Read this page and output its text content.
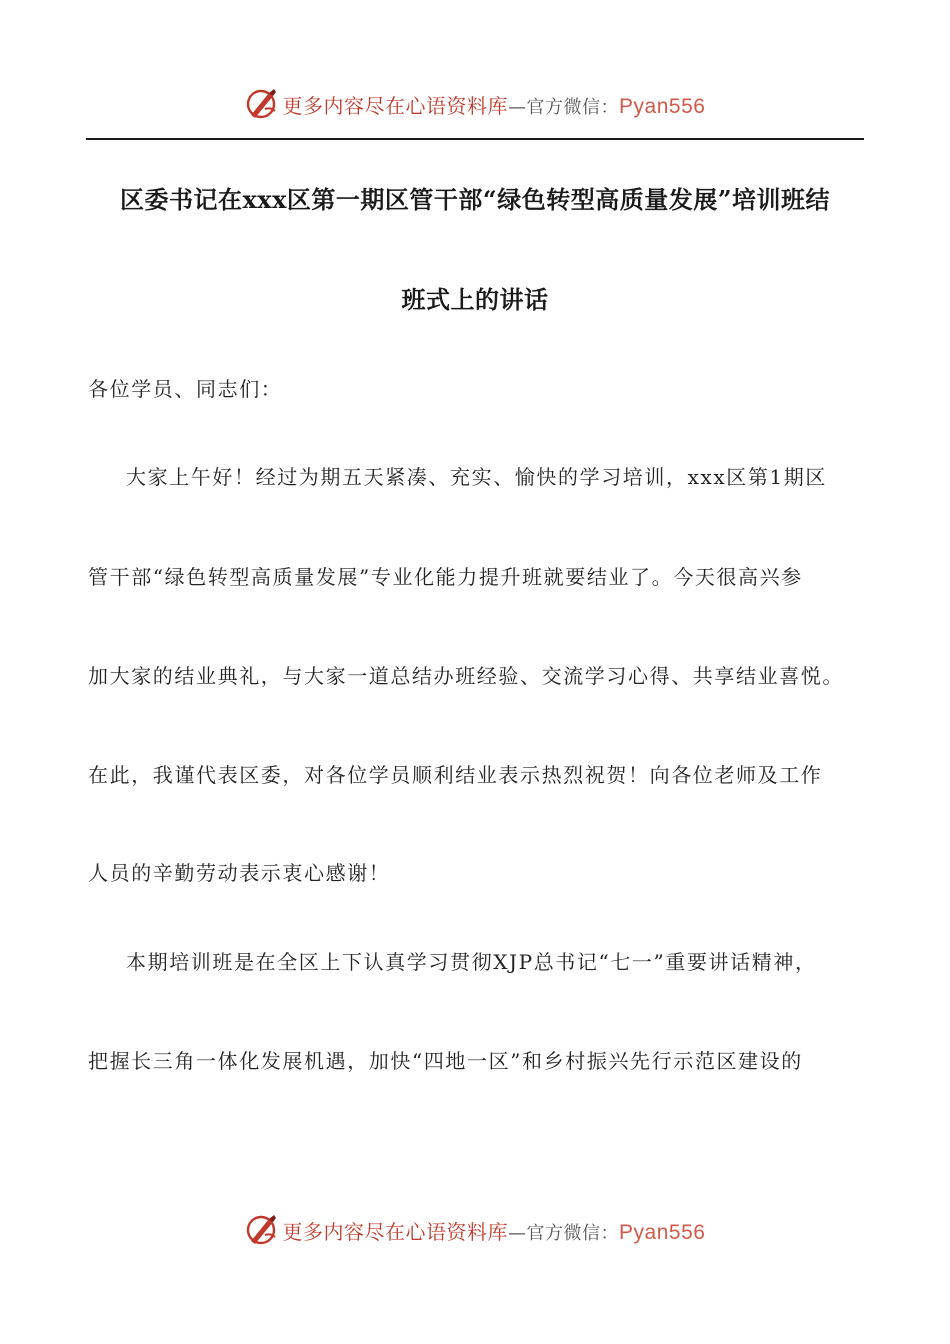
更多内容尽在心语资料库—官方微信：Pyan556
区委书记在xxx区第一期区管干部“绿色转型高质量发展”培训班结
班式上的讲话
各位学员、同志们：
大家上午好！经过为期五天紧凑、充实、愉快的学习培训，xxx区第1期区
管干部“绿色转型高质量发展”专业化能力提升班就要结业了。今天很高兴参
加大家的结业典礼，与大家一道总结办班经验、交流学习心得、共享结业喜悦。
在此，我谨代表区委，对各位学员顺利结业表示热烈祝贺！向各位老师及工作
人员的辛勤劳动表示衷心感谢！
本期培训班是在全区上下认真学习贯彻XJP总书记“七一”重要讲话精神，
把握长三角一体化发展机遇，加快“四地一区”和乡村振兴先行示范区建设的
更多内容尽在心语资料库—官方微信：Pyan556
